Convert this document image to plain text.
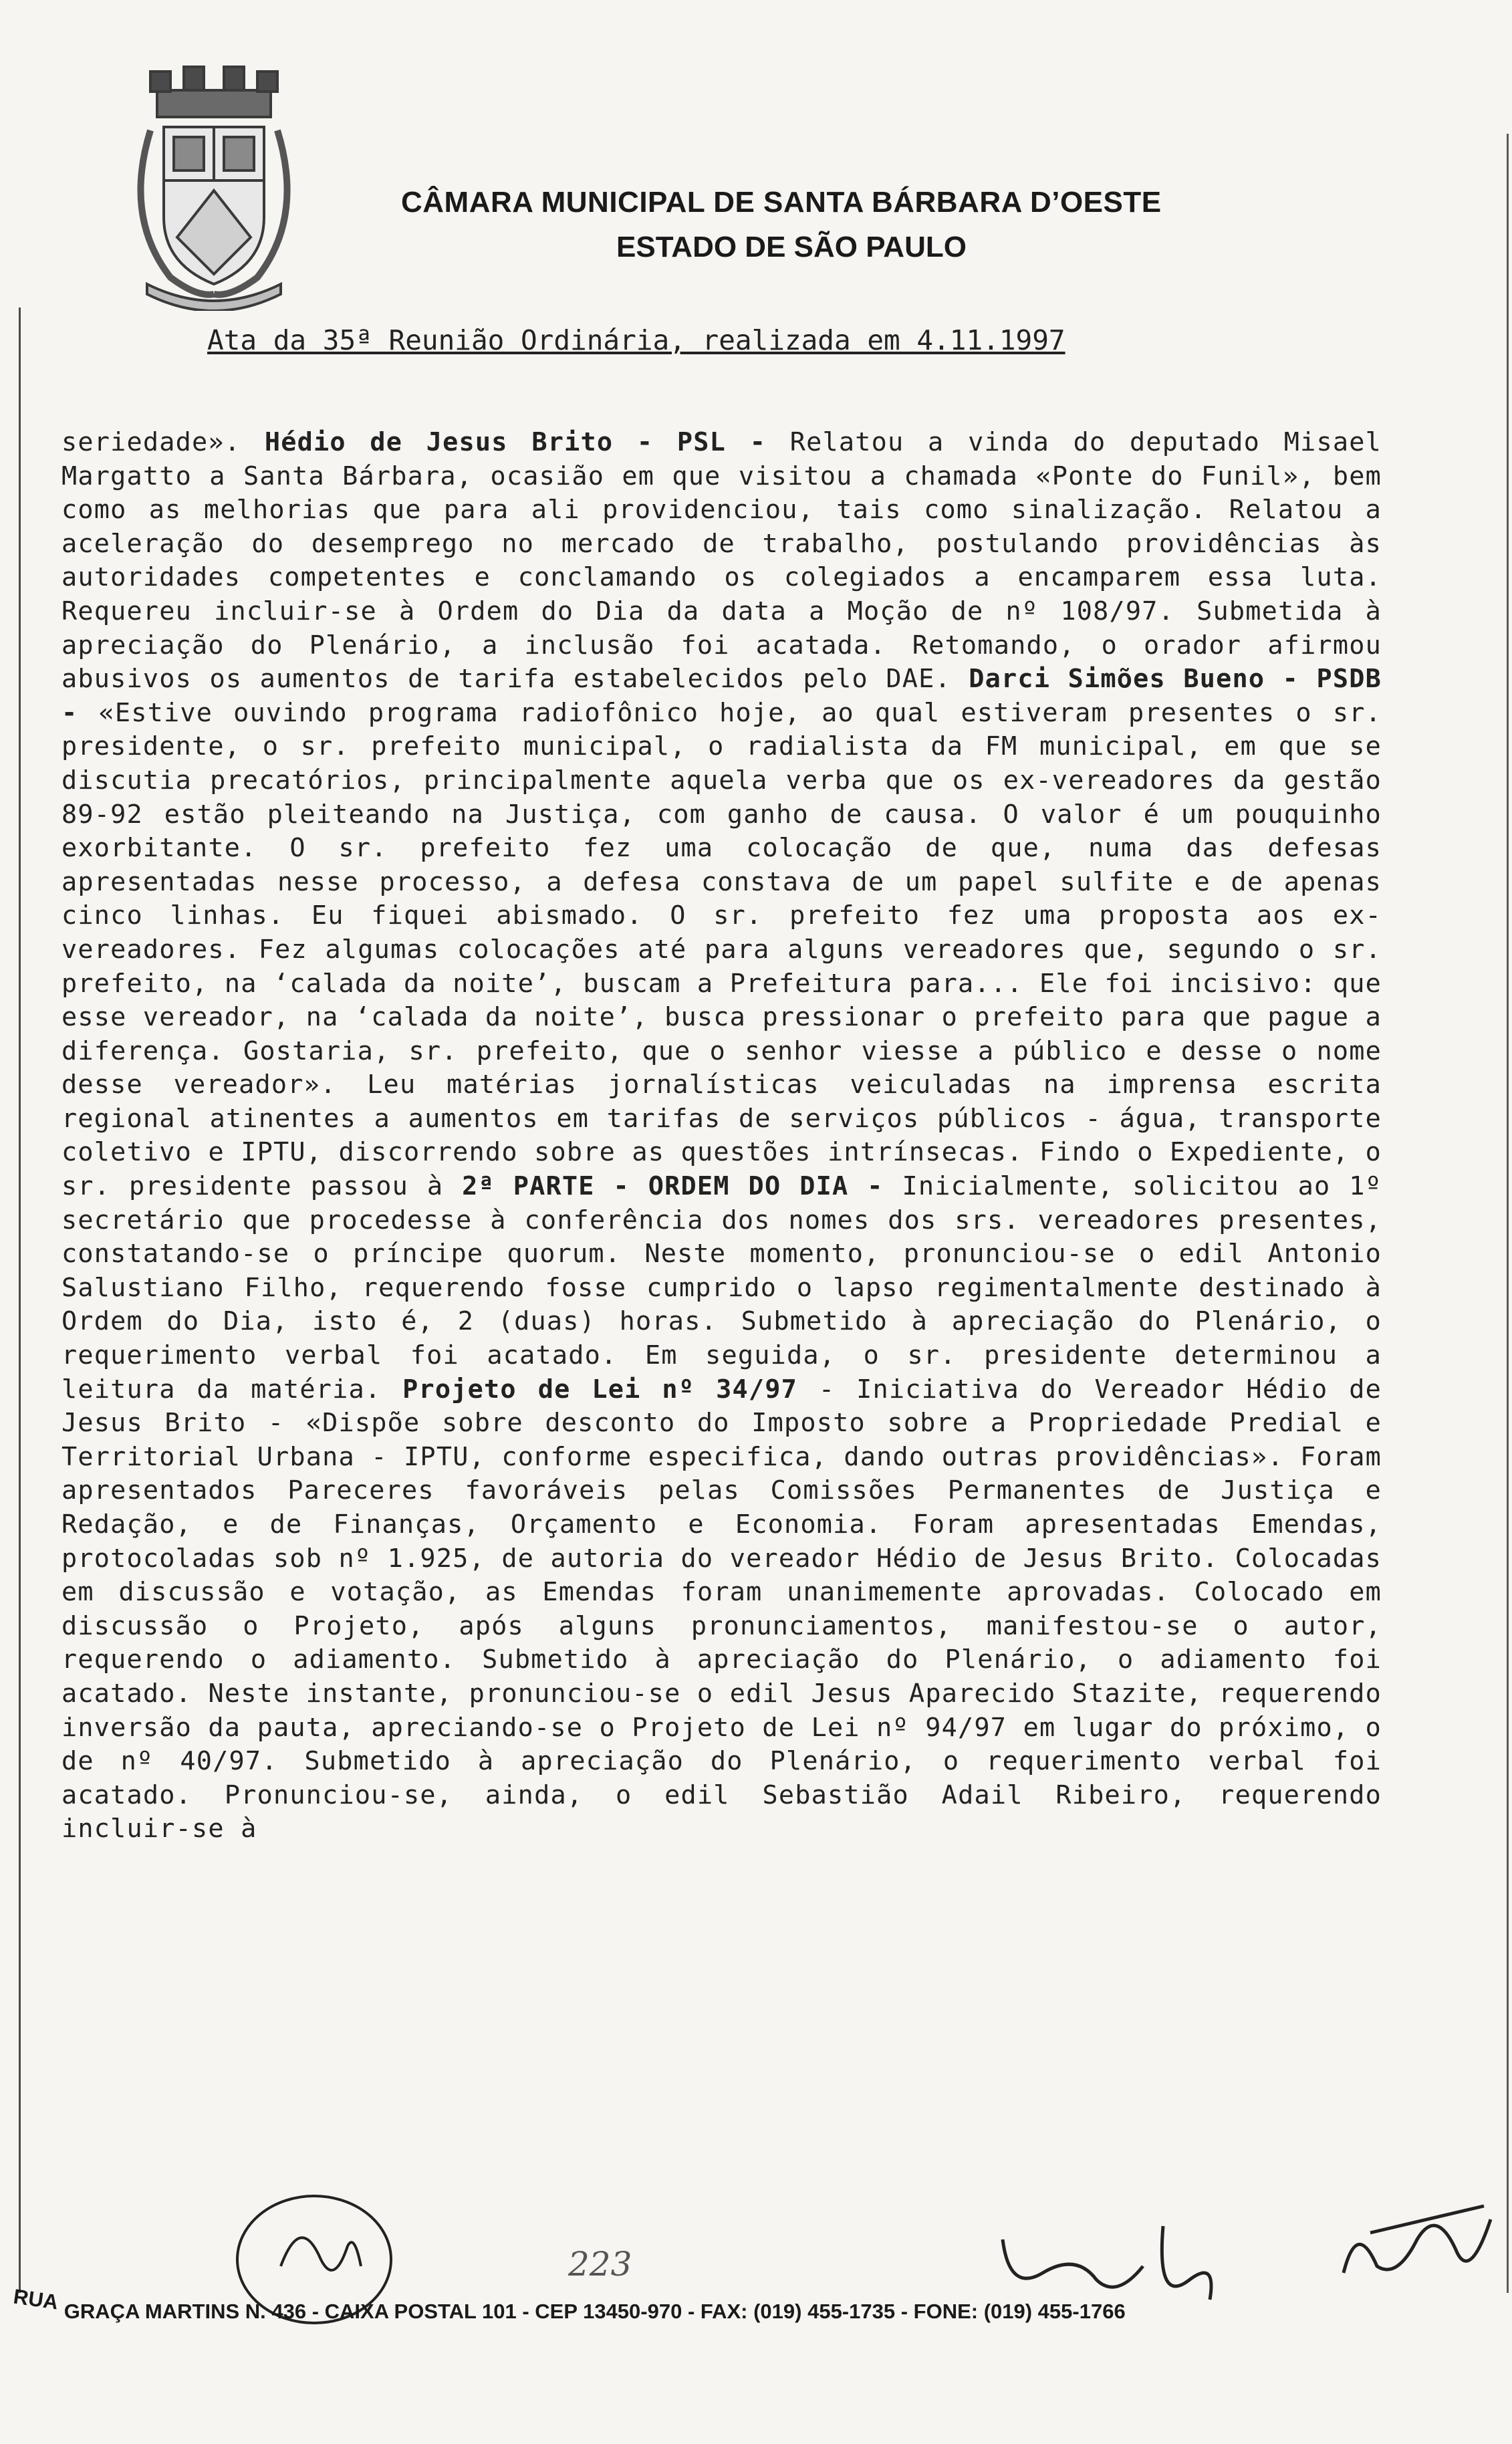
CÂMARA MUNICIPAL DE SANTA BÁRBARA D’OESTE
ESTADO DE SÃO PAULO
Ata da 35ª Reunião Ordinária, realizada em 4.11.1997
seriedade». Hédio de Jesus Brito - PSL - Relatou a vinda do deputado Misael Margatto a Santa Bárbara, ocasião em que visitou a chamada «Ponte do Funil», bem como as melhorias que para ali providenciou, tais como sinalização. Relatou a aceleração do desemprego no mercado de trabalho, postulando providências às autoridades competentes e conclamando os colegiados a encamparem essa luta. Requereu incluir-se à Ordem do Dia da data a Moção de nº 108/97. Submetida à apreciação do Plenário, a inclusão foi acatada. Retomando, o orador afirmou abusivos os aumentos de tarifa estabelecidos pelo DAE. Darci Simões Bueno - PSDB - «Estive ouvindo programa radiofônico hoje, ao qual estiveram presentes o sr. presidente, o sr. prefeito municipal, o radialista da FM municipal, em que se discutia precatórios, principalmente aquela verba que os ex-vereadores da gestão 89-92 estão pleiteando na Justiça, com ganho de causa. O valor é um pouquinho exorbitante. O sr. prefeito fez uma colocação de que, numa das defesas apresentadas nesse processo, a defesa constava de um papel sulfite e de apenas cinco linhas. Eu fiquei abismado. O sr. prefeito fez uma proposta aos ex-vereadores. Fez algumas colocações até para alguns vereadores que, segundo o sr. prefeito, na ‘calada da noite’, buscam a Prefeitura para... Ele foi incisivo: que esse vereador, na ‘calada da noite’, busca pressionar o prefeito para que pague a diferença. Gostaria, sr. prefeito, que o senhor viesse a público e desse o nome desse vereador». Leu matérias jornalísticas veiculadas na imprensa escrita regional atinentes a aumentos em tarifas de serviços públicos - água, transporte coletivo e IPTU, discorrendo sobre as questões intrínsecas. Findo o Expediente, o sr. presidente passou à 2ª PARTE - ORDEM DO DIA - Inicialmente, solicitou ao 1º secretário que procedesse à conferência dos nomes dos srs. vereadores presentes, constatando-se o príncipe quorum. Neste momento, pronunciou-se o edil Antonio Salustiano Filho, requerendo fosse cumprido o lapso regimentalmente destinado à Ordem do Dia, isto é, 2 (duas) horas. Submetido à apreciação do Plenário, o requerimento verbal foi acatado. Em seguida, o sr. presidente determinou a leitura da matéria. Projeto de Lei nº 34/97 - Iniciativa do Vereador Hédio de Jesus Brito - «Dispõe sobre desconto do Imposto sobre a Propriedade Predial e Territorial Urbana - IPTU, conforme especifica, dando outras providências». Foram apresentados Pareceres favoráveis pelas Comissões Permanentes de Justiça e Redação, e de Finanças, Orçamento e Economia. Foram apresentadas Emendas, protocoladas sob nº 1.925, de autoria do vereador Hédio de Jesus Brito. Colocadas em discussão e votação, as Emendas foram unanimemente aprovadas. Colocado em discussão o Projeto, após alguns pronunciamentos, manifestou-se o autor, requerendo o adiamento. Submetido à apreciação do Plenário, o adiamento foi acatado. Neste instante, pronunciou-se o edil Jesus Aparecido Stazite, requerendo inversão da pauta, apreciando-se o Projeto de Lei nº 94/97 em lugar do próximo, o de nº 40/97. Submetido à apreciação do Plenário, o requerimento verbal foi acatado. Pronunciou-se, ainda, o edil Sebastião Adail Ribeiro, requerendo incluir-se à
223
RUA GRAÇA MARTINS N. 436 - CAIXA POSTAL 101 - CEP 13450-970 - FAX: (019) 455-1735 - FONE: (019) 455-1766
